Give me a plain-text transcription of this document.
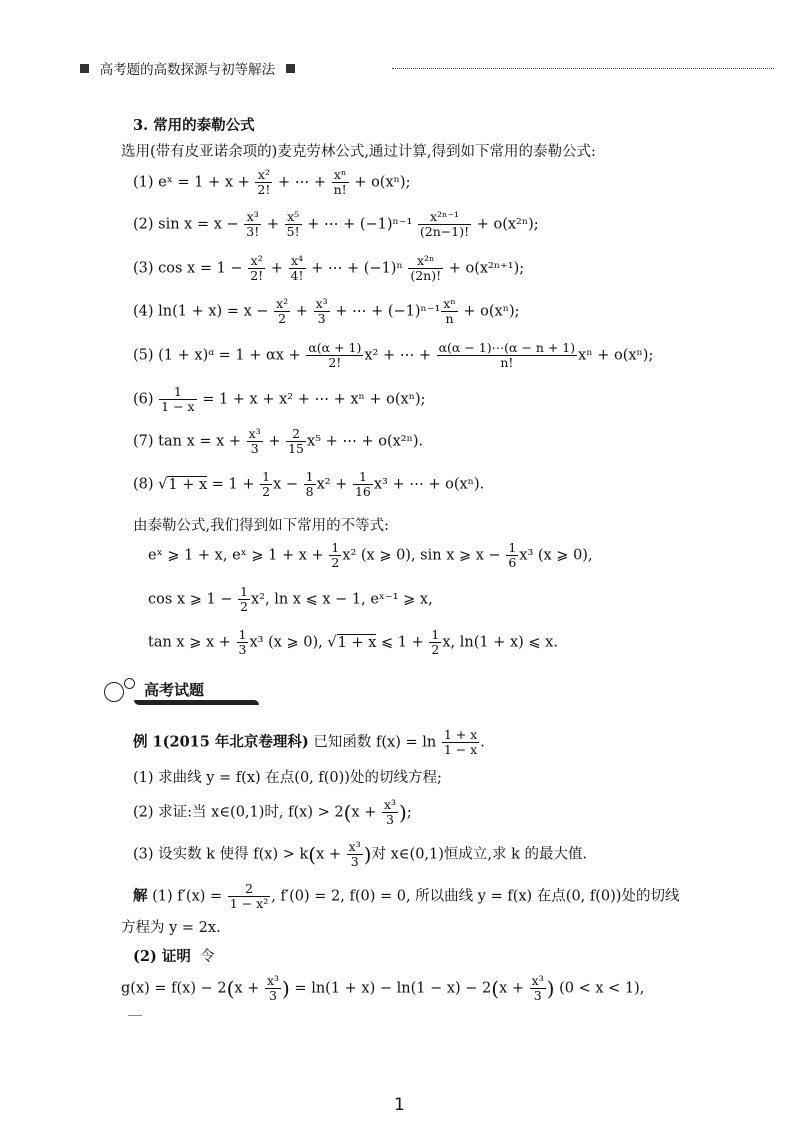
高考题的高数探源与初等解法
3. 常用的泰勒公式
选用(带有皮亚诺余项的)麦克劳林公式,通过计算,得到如下常用的泰勒公式:
(1) eˣ = $1 + x + \frac{\text{x²}}{2!}$ + ⋯ + $\frac{\text{xⁿ}}{n!} + o(x^n)$;
(2) $\sin x = x - \frac{\text{x³}}{3!} + \frac{\text{x⁵}}{5!}$ + ⋯ + $(-1)^{n-1} \frac{\text{x²ⁿ⁻¹}}{(2n-1)!} + o(x^{2n})$;
(3) $\cos x = 1 - \frac{\text{x²}}{2!} + \frac{\text{x⁴}}{4!}$ + ⋯ + $(-1)^n \frac{\text{x²ⁿ}}{(2n)!} + o(x^{2n+1})$;
(4) $\ln(1 + x) = x - \frac{\text{x²}}{2} + \frac{\text{x³}}{3}$ + ⋯ + $(-1)^{n-1} \frac{\text{xⁿ}}{n} + o(x^n)$;
(5) (1 + x)ᵅ = $1 + \alpha x + \frac{\alpha(\alpha + 1)}{2!} x^2$ + ⋯ + $\frac{\alpha(\alpha - 1)\cdots(\alpha - n + 1)}{n!}$ xⁿ + o(xⁿ);
$(6) \frac{1}{1 - x} = 1 + x + x^2$ + ⋯ + xⁿ + o(xⁿ);
(7) $\tan x = x + \frac{\text{x³}}{3} + \frac{2}{15} x^5$ + ⋯ + o(x²ⁿ).
(8) $√1 + x = 1 + \frac{1}{2}$ $x - \frac{1}{8} x^2 + \frac{1}{16} x^3$ + ⋯ + o(xⁿ).
由泰勒公式,我们得到如下常用的不等式:
eˣ ⩾ 1 + x, eˣ ⩾ $1 + x + \frac{1}{2} x^2$ (x ⩾ 0), sin x ⩾ $x - \frac{1}{6} x^3$ (x ⩾ 0),
cos x ⩾ $1 - \frac{1}{2} x^2$, ln x ⩽ x − 1, eˣ⁻¹ ⩾ x,
tan x ⩾ $x + \frac{1}{3} x^3$ (x ⩾ 0), √1 + x ⩽ $1 + \frac{1}{2} x$, ln(1 + x) ⩽ x.
高考试题
例 1(2015 年北京卷理科) 已知函数 $f(x) = \ln \frac{1 + x}{1 - x}$ .
(1) 求曲线 y = f(x) 在点(0, f(0))处的切线方程;
(2) 求证:当 x∈(0,1)时, $f(x) > 2(x + \frac{\text{x³}}{3}$ );
(3) 设实数 k 使得 $f(x) > k(x + \frac{\text{x³}}{3}$ )对 x∈(0,1)恒成立,求 k 的最大值.
解 (1) $f'(x) = \frac{2}{\text{1 − x²}}$ , f′(0) = 2, f(0) = 0, 所以曲线 y = f(x) 在点(0, f(0))处的切线
方程为 y = 2x.
(2) 证明 令
$g(x) = f(x) - 2(x + \frac{\text{x³}}{3}$ ) = $\ln(1 + x) - \ln(1 - x) - 2(x + \frac{\text{x³}}{3}$ ) (0 < x < 1),
1
